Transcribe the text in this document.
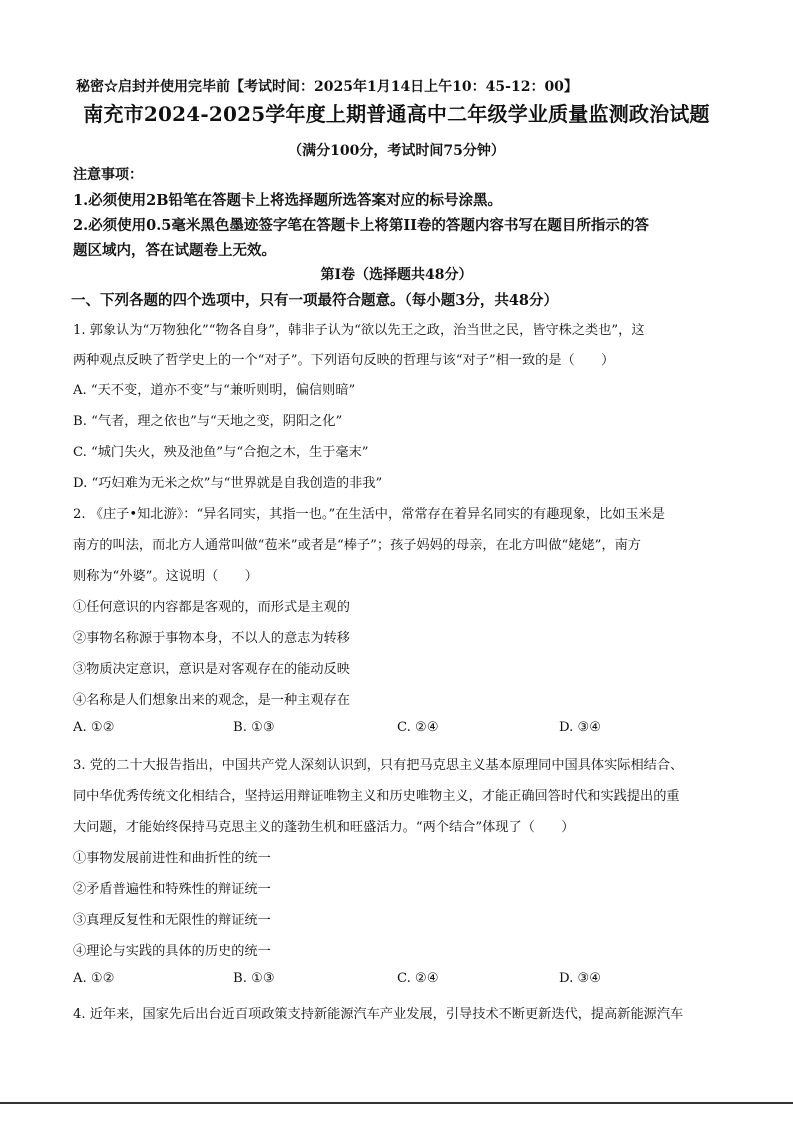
秘密☆启封并使用完毕前【考试时间：2025年1月14日上午10：45-12：00】
南充市2024-2025学年度上期普通高中二年级学业质量监测政治试题
（满分100分，考试时间75分钟）
注意事项：
1.必须使用2B铅笔在答题卡上将选择题所选答案对应的标号涂黑。
2.必须使用0.5毫米黑色墨迹签字笔在答题卡上将第II卷的答题内容书写在题目所指示的答
题区域内，答在试题卷上无效。
第I卷（选择题共48分）
一、下列各题的四个选项中，只有一项最符合题意。（每小题3分，共48分）
1. 郭象认为“万物独化”“物各自身”，韩非子认为“欲以先王之政，治当世之民，皆守株之类也”，这
两种观点反映了哲学史上的一个“对子”。下列语句反映的哲理与该“对子”相一致的是（　　）
A. “天不变，道亦不变”与“兼听则明，偏信则暗”
B. “气者，理之依也”与“天地之变，阴阳之化”
C. “城门失火，殃及池鱼”与“合抱之木，生于毫末”
D. “巧妇难为无米之炊”与“世界就是自我创造的非我”
2. 《庄子•知北游》：“异名同实，其指一也。”在生活中，常常存在着异名同实的有趣现象，比如玉米是
南方的叫法，而北方人通常叫做“苞米”或者是“棒子”；孩子妈妈的母亲，在北方叫做“姥姥”，南方
则称为“外婆”。这说明（　　）
①任何意识的内容都是客观的，而形式是主观的
②事物名称源于事物本身，不以人的意志为转移
③物质决定意识，意识是对客观存在的能动反映
④名称是人们想象出来的观念，是一种主观存在
A. ①②	B. ①③	C. ②④	D. ③④
3. 党的二十大报告指出，中国共产党人深刻认识到，只有把马克思主义基本原理同中国具体实际相结合、
同中华优秀传统文化相结合，坚持运用辩证唯物主义和历史唯物主义，才能正确回答时代和实践提出的重
大问题，才能始终保持马克思主义的蓬勃生机和旺盛活力。“两个结合”体现了（　　）
①事物发展前进性和曲折性的统一
②矛盾普遍性和特殊性的辩证统一
③真理反复性和无限性的辩证统一
④理论与实践的具体的历史的统一
A. ①②	B. ①③	C. ②④	D. ③④
4. 近年来，国家先后出台近百项政策支持新能源汽车产业发展，引导技术不断更新迭代，提高新能源汽车
